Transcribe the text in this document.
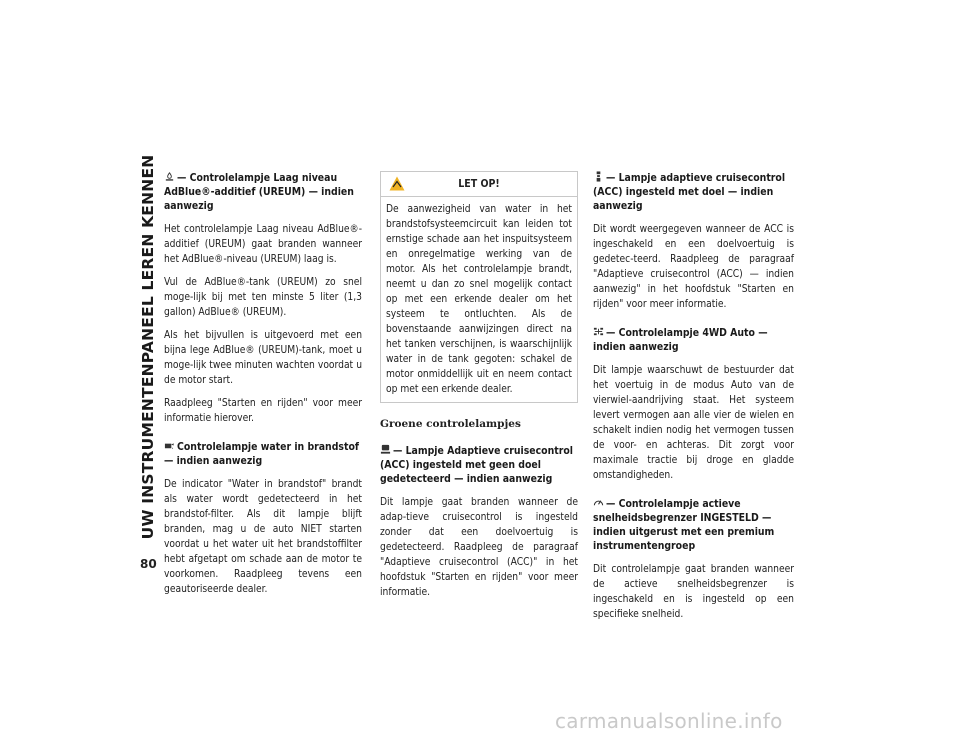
UW INSTRUMENTENPANEEL LEREN KENNEN
80
— Controlelampje Laag niveau AdBlue®-additief (UREUM) — indien aanwezig

Het controlelampje Laag niveau AdBlue®-additief (UREUM) gaat branden wanneer het AdBlue®-niveau (UREUM) laag is.

Vul de AdBlue®-tank (UREUM) zo snel moge-lijk bij met ten minste 5 liter (1,3 gallon) AdBlue® (UREUM).

Als het bijvullen is uitgevoerd met een bijna lege AdBlue® (UREUM)-tank, moet u moge-lijk twee minuten wachten voordat u de motor start.

Raadpleeg "Starten en rijden" voor meer informatie hierover.

Controlelampje water in brandstof — indien aanwezig

De indicator "Water in brandstof" brandt als water wordt gedetecteerd in het brandstof-filter. Als dit lampje blijft branden, mag u de auto NIET starten voordat u het water uit het brandstoffilter hebt afgetapt om schade aan de motor te voorkomen. Raadpleeg tevens een geautoriseerde dealer.

LET OP!
De aanwezigheid van water in het brandstofsysteemcircuit kan leiden tot ernstige schade aan het inspuitsysteem en onregelmatige werking van de motor. Als het controlelampje brandt, neemt u dan zo snel mogelijk contact op met een erkende dealer om het systeem te ontluchten. Als de bovenstaande aanwijzingen direct na het tanken verschijnen, is waarschijnlijk water in de tank gegoten: schakel de motor onmiddellijk uit en neem contact op met een erkende dealer.
Groene controlelampjes
— Lampje Adaptieve cruisecontrol (ACC) ingesteld met geen doel gedetecteerd — indien aanwezig

Dit lampje gaat branden wanneer de adap-tieve cruisecontrol is ingesteld zonder dat een doelvoertuig is gedetecteerd. Raadpleeg de paragraaf "Adaptieve cruisecontrol (ACC)" in het hoofdstuk "Starten en rijden" voor meer informatie.

— Lampje adaptieve cruisecontrol (ACC) ingesteld met doel — indien aanwezig

Dit wordt weergegeven wanneer de ACC is ingeschakeld en een doelvoertuig is gedetec-teerd. Raadpleeg de paragraaf "Adaptieve cruisecontrol (ACC) — indien aanwezig" in het hoofdstuk "Starten en rijden" voor meer informatie.

— Controlelampje 4WD Auto — indien aanwezig

Dit lampje waarschuwt de bestuurder dat het voertuig in de modus Auto van de vierwiel-aandrijving staat. Het systeem levert vermogen aan alle vier de wielen en schakelt indien nodig het vermogen tussen de voor- en achteras. Dit zorgt voor maximale tractie bij droge en gladde omstandigheden.

— Controlelampje actieve snelheidsbegrenzer INGESTELD — indien uitgerust met een premium instrumentengroep

Dit controlelampje gaat branden wanneer de actieve snelheidsbegrenzer is ingeschakeld en is ingesteld op een specifieke snelheid.

carmanualsonline.info
